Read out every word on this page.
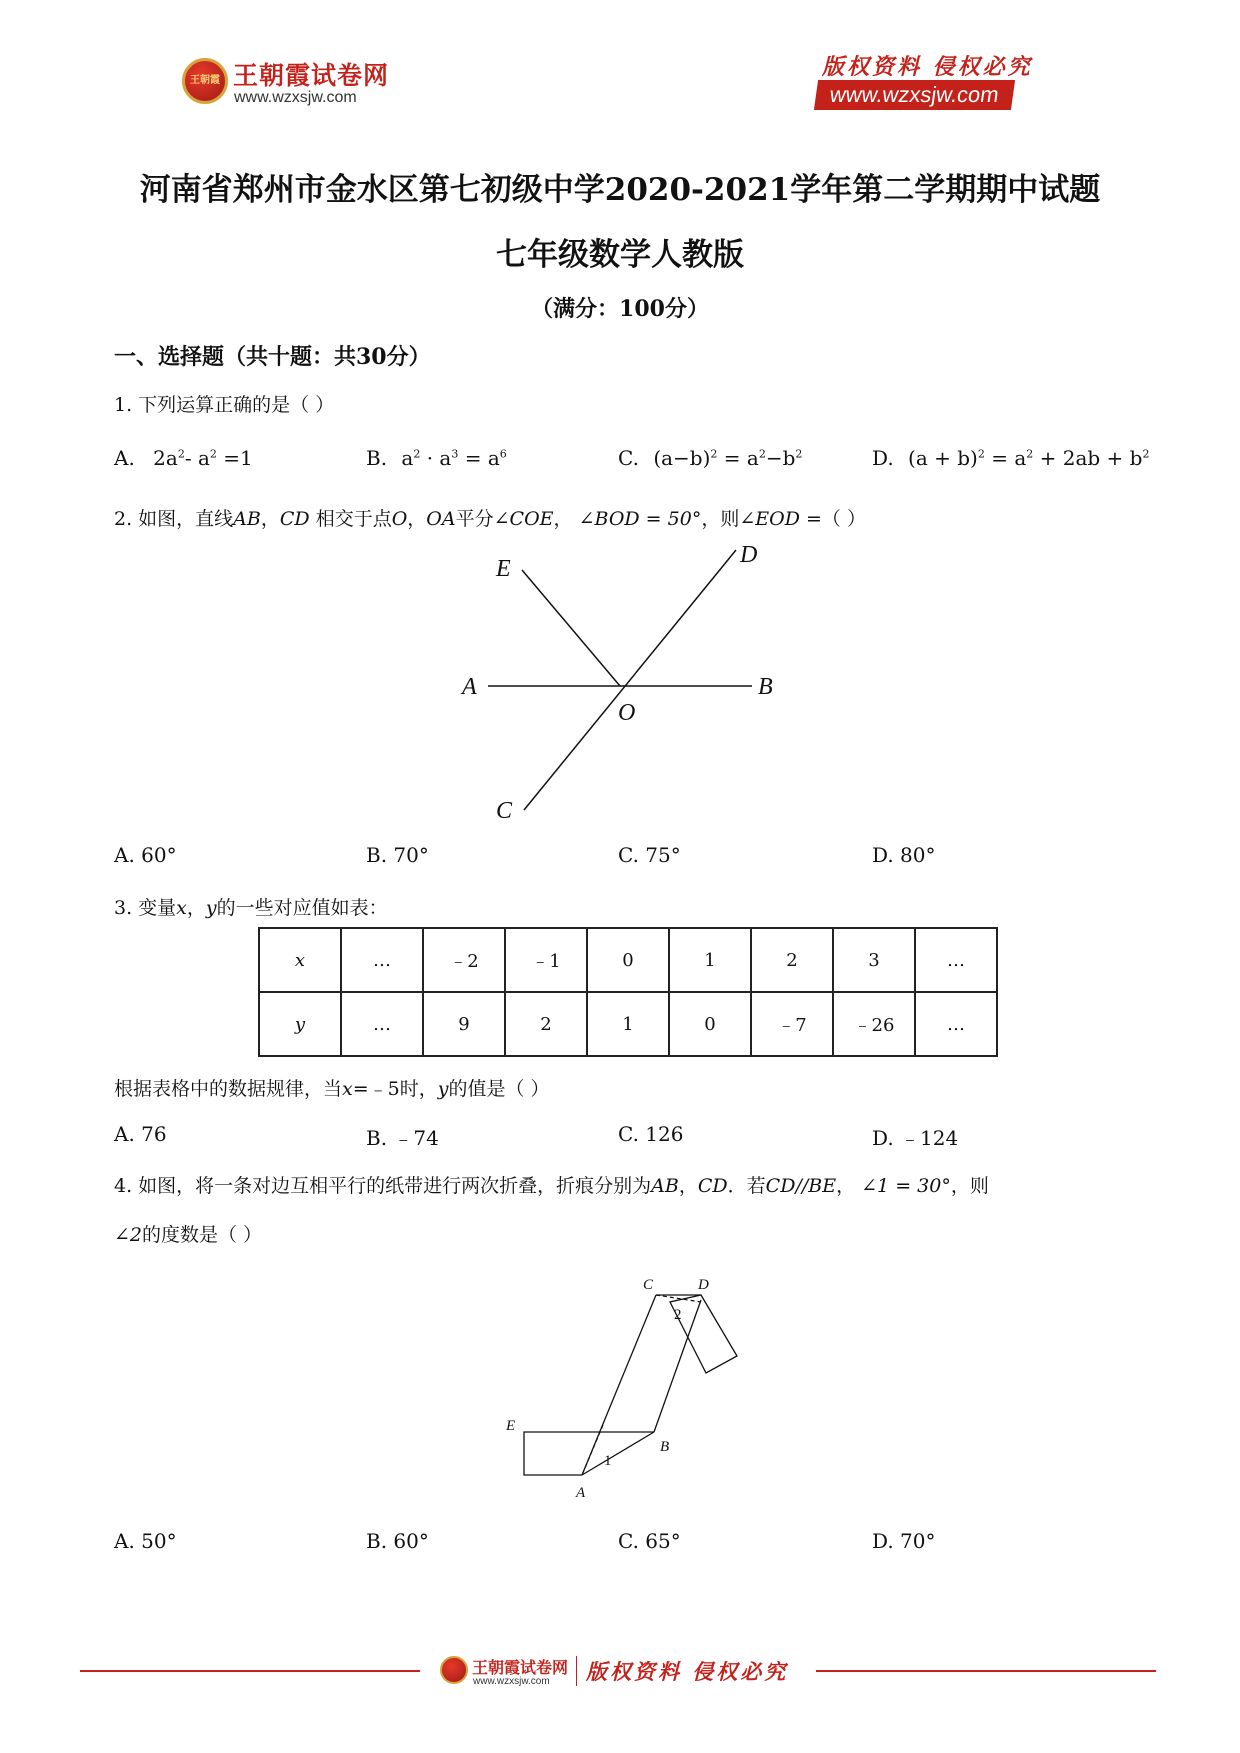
王朝霞 王朝霞试卷网
www.wzxsjw.com
版权资料 侵权必究
www.wzxsjw.com
河南省郑州市金水区第七初级中学2020-2021学年第二学期期中试题
七年级数学人教版
（满分：100分）
一、选择题（共十题：共30分）
1. 下列运算正确的是（ ）
A. $2a^2-$ $a^2 =1$	B. $a^2 \cdot a^3 = a^6$	C. $(a-b)^2 = a^2-b^2$	D. $(a + b)^2 = a^2 + 2ab + b^2$
2. 如图，直线AB，CD 相交于点O，OA平分∠COE， ∠BOD = 50°，则∠EOD =（ ）
E
D
A	B
O
C
A. 60°	B. 70°	C. 75°	D. 80°
3. 变量x，y的一些对应值如表：
x	…	﹣2	﹣1	0	1	2	3	…
y	…	9	2	1	0	﹣7	﹣26	…
根据表格中的数据规律，当x=﹣5时，y的值是（ ）
A. 76	B. ﹣74	C. 126	D. ﹣124
4. 如图，将一条对边互相平行的纸带进行两次折叠，折痕分别为AB，CD．若CD//BE， ∠1 = 30°，则
∠2的度数是（ ）
C	D
E
B
A
1
2
A. 50°	B. 60°	C. 65°	D. 70°
王朝霞试卷网
www.wzxsjw.com 版权资料 侵权必究
